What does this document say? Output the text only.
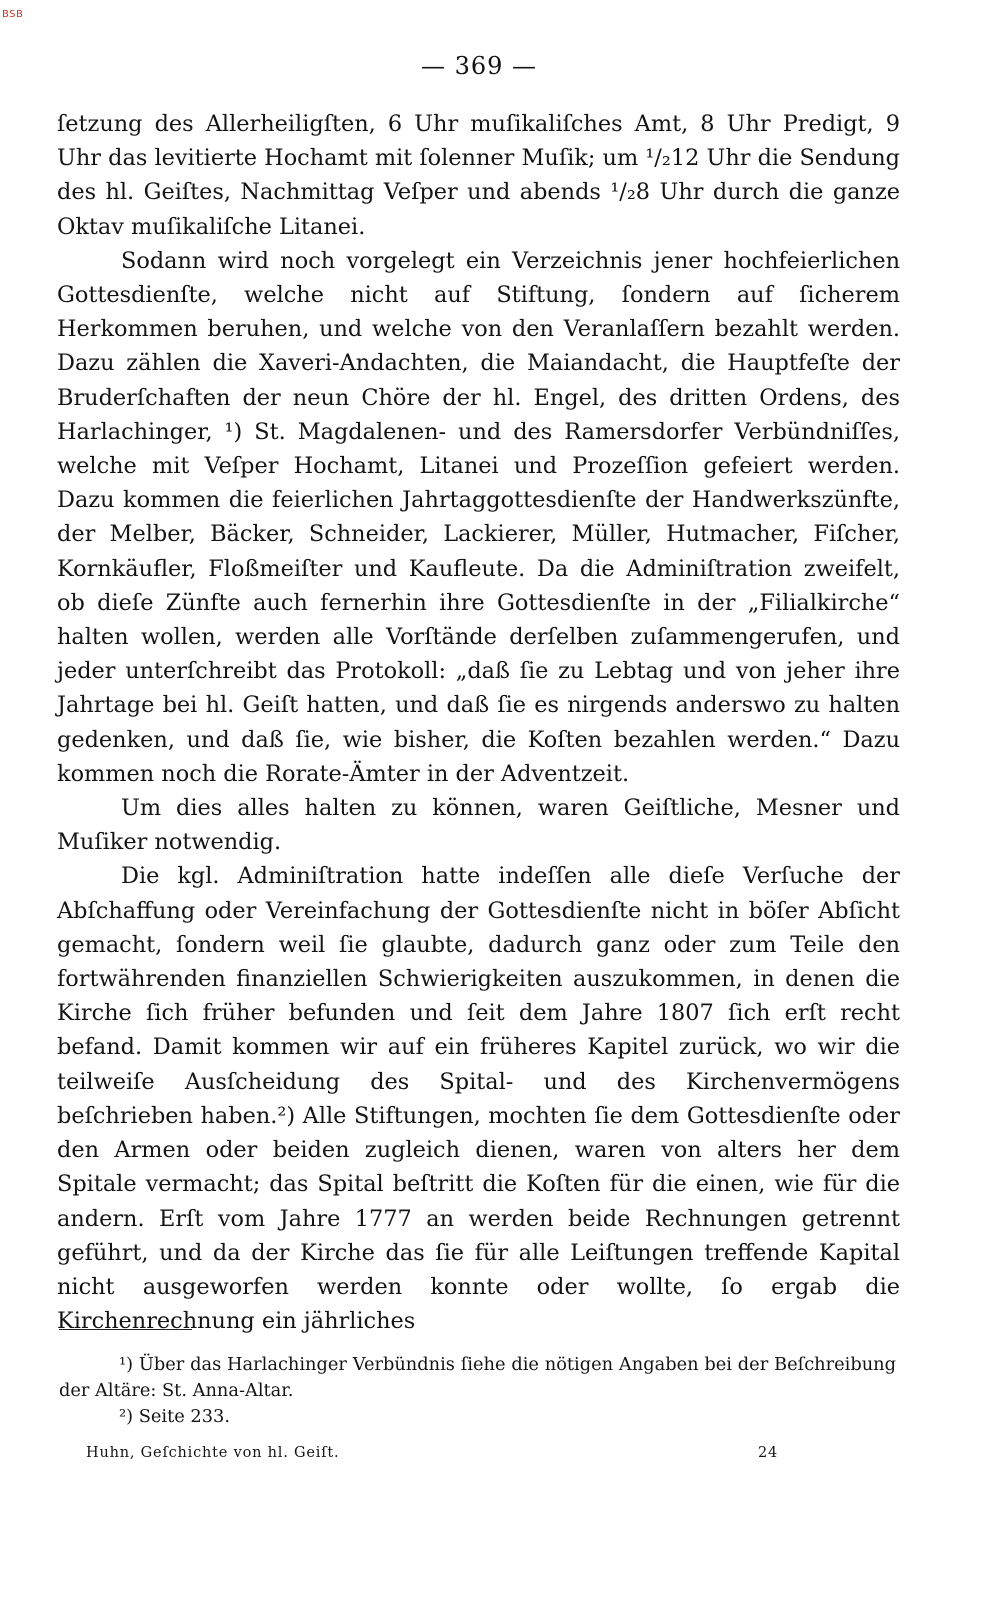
BSB
— 369 —

ſetzung des Allerheiligſten, 6 Uhr muſikaliſches Amt, 8 Uhr Predigt, 9 Uhr das levitierte Hochamt mit ſolenner Muſik; um ¹/₂12 Uhr die Sendung des hl. Geiſtes, Nachmittag Veſper und abends ¹/₂8 Uhr durch die ganze Oktav muſikaliſche Litanei.

Sodann wird noch vorgelegt ein Verzeichnis jener hochfeierlichen Gottesdienſte, welche nicht auf Stiftung, ſondern auf ſicherem Herkommen beruhen, und welche von den Veranlaſſern bezahlt werden. Dazu zählen die Xaveri-Andachten, die Maiandacht, die Hauptfeſte der Bruderſchaften der neun Chöre der hl. Engel, des dritten Ordens, des Harlachinger, ¹) St. Magdalenen- und des Ramersdorfer Verbündniſſes, welche mit Veſper Hochamt, Litanei und Prozeſſion gefeiert werden. Dazu kommen die feierlichen Jahrtaggottesdienſte der Handwerkszünfte, der Melber, Bäcker, Schneider, Lackierer, Müller, Hutmacher, Fiſcher, Kornkäufler, Floßmeiſter und Kaufleute. Da die Adminiſtration zweifelt, ob dieſe Zünfte auch fernerhin ihre Gottesdienſte in der „Filialkirche“ halten wollen, werden alle Vorſtände derſelben zuſammengerufen, und jeder unterſchreibt das Protokoll: „daß ſie zu Lebtag und von jeher ihre Jahrtage bei hl. Geiſt hatten, und daß ſie es nirgends anderswo zu halten gedenken, und daß ſie, wie bisher, die Koſten bezahlen werden.“ Dazu kommen noch die Rorate-Ämter in der Adventzeit.

Um dies alles halten zu können, waren Geiſtliche, Mesner und Muſiker notwendig.

Die kgl. Adminiſtration hatte indeſſen alle dieſe Verſuche der Abſchaffung oder Vereinfachung der Gottesdienſte nicht in böſer Abſicht gemacht, ſondern weil ſie glaubte, dadurch ganz oder zum Teile den fortwährenden finanziellen Schwierigkeiten auszukommen, in denen die Kirche ſich früher befunden und ſeit dem Jahre 1807 ſich erſt recht befand. Damit kommen wir auf ein früheres Kapitel zurück, wo wir die teilweiſe Ausſcheidung des Spital- und des Kirchenvermögens beſchrieben haben.²) Alle Stiftungen, mochten ſie dem Gottesdienſte oder den Armen oder beiden zugleich dienen, waren von alters her dem Spitale vermacht; das Spital beſtritt die Koſten für die einen, wie für die andern. Erſt vom Jahre 1777 an werden beide Rechnungen getrennt geführt, und da der Kirche das ſie für alle Leiſtungen treffende Kapital nicht ausgeworfen werden konnte oder wollte, ſo ergab die Kirchenrechnung ein jährliches

¹) Über das Harlachinger Verbündnis ſiehe die nötigen Angaben bei der Beſchreibung der Altäre: St. Anna-Altar.

²) Seite 233.

Huhn, Geſchichte von hl. Geiſt.	24
